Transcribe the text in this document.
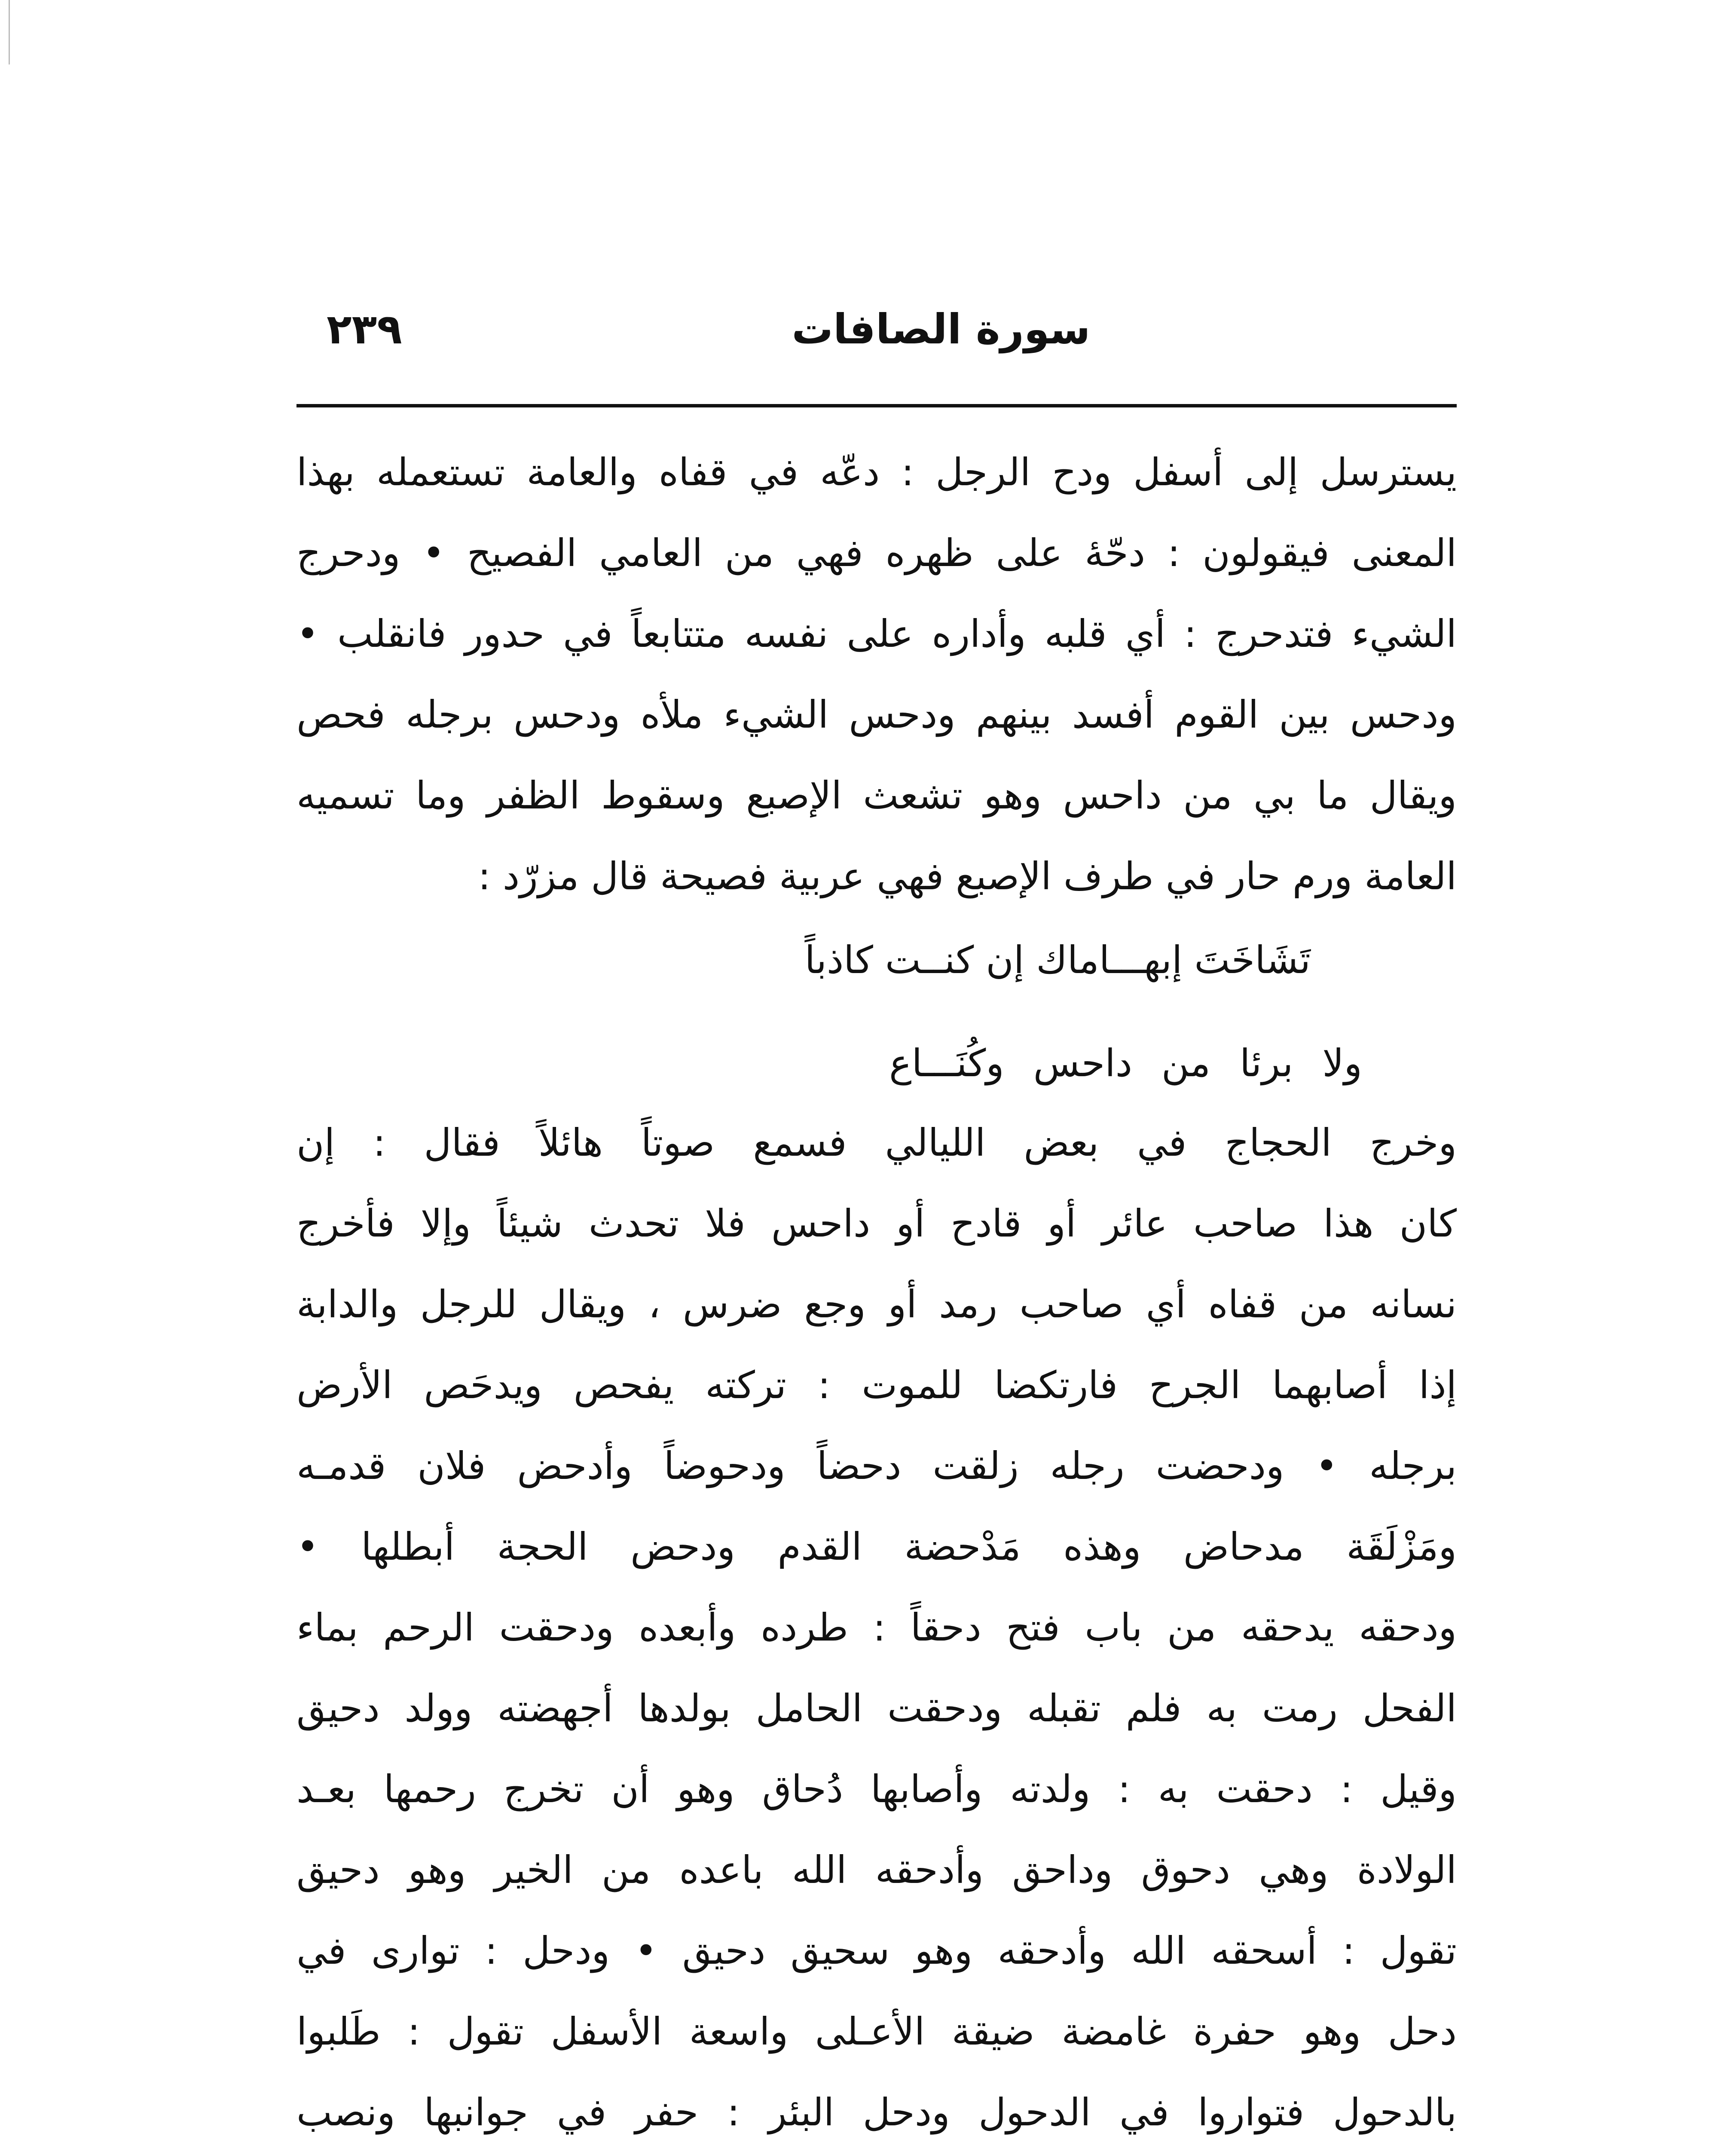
٢٣٩	سورة الصافات
يسترسل إلى أسفل ودح الرجل : دعّه في قفاه والعامة تستعمله بهذا
المعنى فيقولون : دحّهٔ على ظهره فهي من العامي الفصيح • ودحرج
الشيء فتدحرج : أي قلبه وأداره على نفسه متتابعاً في حدور فانقلب •
ودحس بين القوم أفسد بينهم ودحس الشيء ملأه ودحس برجله فحص
ويقال ما بي من داحس وهو تشعث الإصبع وسقوط الظفر وما تسميه
العامة ورم حار في طرف الإصبع فهي عربية فصيحة قال مزرّد :
تَشَاخَتَ إبهـــاماك إن كنــت كاذباً
ولا برئا من داحس وكُنَـــاع
وخرج الحجاج في بعض الليالي فسمع صوتاً هائلاً فقال : إن
كان هذا صاحب عائر أو قادح أو داحس فلا تحدث شيئاً وإلا فأخرج
نسانه من قفاه أي صاحب رمد أو وجع ضرس ، ويقال للرجل والدابة
إذا أصابهما الجرح فارتكضا للموت : تركته يفحص ويدحَص الأرض
برجله • ودحضت رجله زلقت دحضاً ودحوضاً وأدحض فلان قدمـه
ومَزْلَقَة مدحاض وهذه مَدْحضة القدم ودحض الحجة أبطلها •
ودحقه يدحقه من باب فتح دحقاً : طرده وأبعده ودحقت الرحم بماء
الفحل رمت به فلم تقبله ودحقت الحامل بولدها أجهضته وولد دحيق
وقيل : دحقت به : ولدته وأصابها دُحاق وهو أن تخرج رحمها بعـد
الولادة وهي دحوق وداحق وأدحقه الله باعده من الخير وهو دحيق
تقول : أسحقه الله وأدحقه وهو سحيق دحيق • ودحل : توارى في
دحل وهو حفرة غامضة ضيقة الأعـلى واسعة الأسفل تقول : طَلبوا
بالدحول فتواروا في الدحول ودحل البئر : حفر في جوانبها ونصب
